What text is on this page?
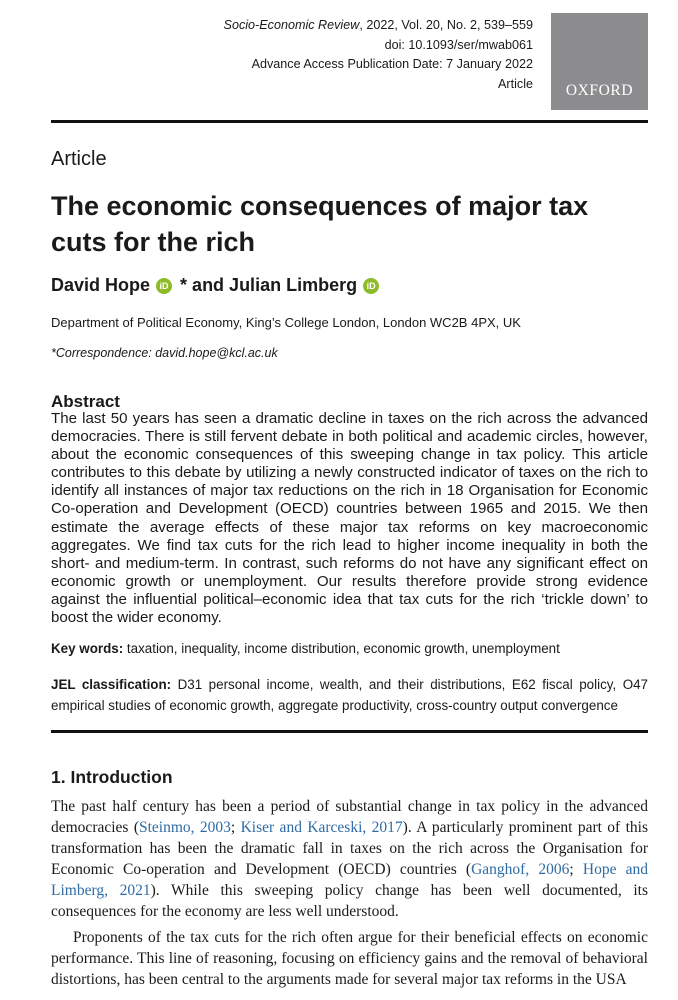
Socio-Economic Review, 2022, Vol. 20, No. 2, 539–559
doi: 10.1093/ser/mwab061
Advance Access Publication Date: 7 January 2022
Article	OXFORD
Article
The economic consequences of major tax cuts for the rich
David Hope iD * and Julian Limberg iD
Department of Political Economy, King’s College London, London WC2B 4PX, UK
*Correspondence: david.hope@kcl.ac.uk
Abstract

The last 50 years has seen a dramatic decline in taxes on the rich across the advanced democracies. There is still fervent debate in both political and academic circles, however, about the economic consequences of this sweeping change in tax policy. This article contributes to this debate by utilizing a newly constructed indicator of taxes on the rich to identify all instances of major tax reductions on the rich in 18 Organisation for Economic Co-operation and Development (OECD) countries between 1965 and 2015. We then estimate the average effects of these major tax reforms on key macroeconomic aggregates. We find tax cuts for the rich lead to higher income inequality in both the short- and medium-term. In contrast, such reforms do not have any significant effect on economic growth or unemployment. Our results therefore provide strong evidence against the influential political–economic idea that tax cuts for the rich ‘trickle down’ to boost the wider economy.

Key words: taxation, inequality, income distribution, economic growth, unemployment

JEL classification: D31 personal income, wealth, and their distributions, E62 fiscal policy, O47 empirical studies of economic growth, aggregate productivity, cross-country output convergence

1. Introduction

The past half century has been a period of substantial change in tax policy in the advanced democracies (Steinmo, 2003; Kiser and Karceski, 2017). A particularly prominent part of this transformation has been the dramatic fall in taxes on the rich across the Organisation for Economic Co-operation and Development (OECD) countries (Ganghof, 2006; Hope and Limberg, 2021). While this sweeping policy change has been well documented, its consequences for the economy are less well understood.

Proponents of the tax cuts for the rich often argue for their beneficial effects on economic performance. This line of reasoning, focusing on efficiency gains and the removal of behavioral distortions, has been central to the arguments made for several major tax reforms in the USA
